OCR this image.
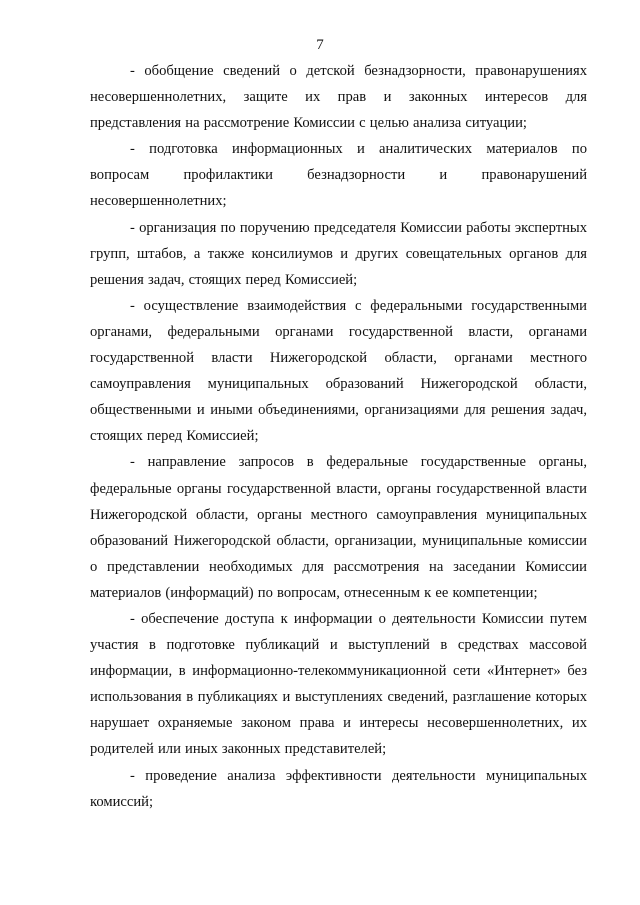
7

- обобщение сведений о детской безнадзорности, правонарушениях несовершеннолетних, защите их прав и законных интересов для представления на рассмотрение Комиссии с целью анализа ситуации;

- подготовка информационных и аналитических материалов по вопросам профилактики безнадзорности и правонарушений несовершеннолетних;

- организация по поручению председателя Комиссии работы экспертных групп, штабов, а также консилиумов и других совещательных органов для решения задач, стоящих перед Комиссией;

- осуществление взаимодействия с федеральными государственными органами, федеральными органами государственной власти, органами государственной власти Нижегородской области, органами местного самоуправления муниципальных образований Нижегородской области, общественными и иными объединениями, организациями для решения задач, стоящих перед Комиссией;

- направление запросов в федеральные государственные органы, федеральные органы государственной власти, органы государственной власти Нижегородской области, органы местного самоуправления муниципальных образований Нижегородской области, организации, муниципальные комиссии о представлении необходимых для рассмотрения на заседании Комиссии материалов (информаций) по вопросам, отнесенным к ее компетенции;

- обеспечение доступа к информации о деятельности Комиссии путем участия в подготовке публикаций и выступлений в средствах массовой информации, в информационно-телекоммуникационной сети «Интернет» без использования в публикациях и выступлениях сведений, разглашение которых нарушает охраняемые законом права и интересы несовершеннолетних, их родителей или иных законных представителей;

- проведение анализа эффективности деятельности муниципальных комиссий;
